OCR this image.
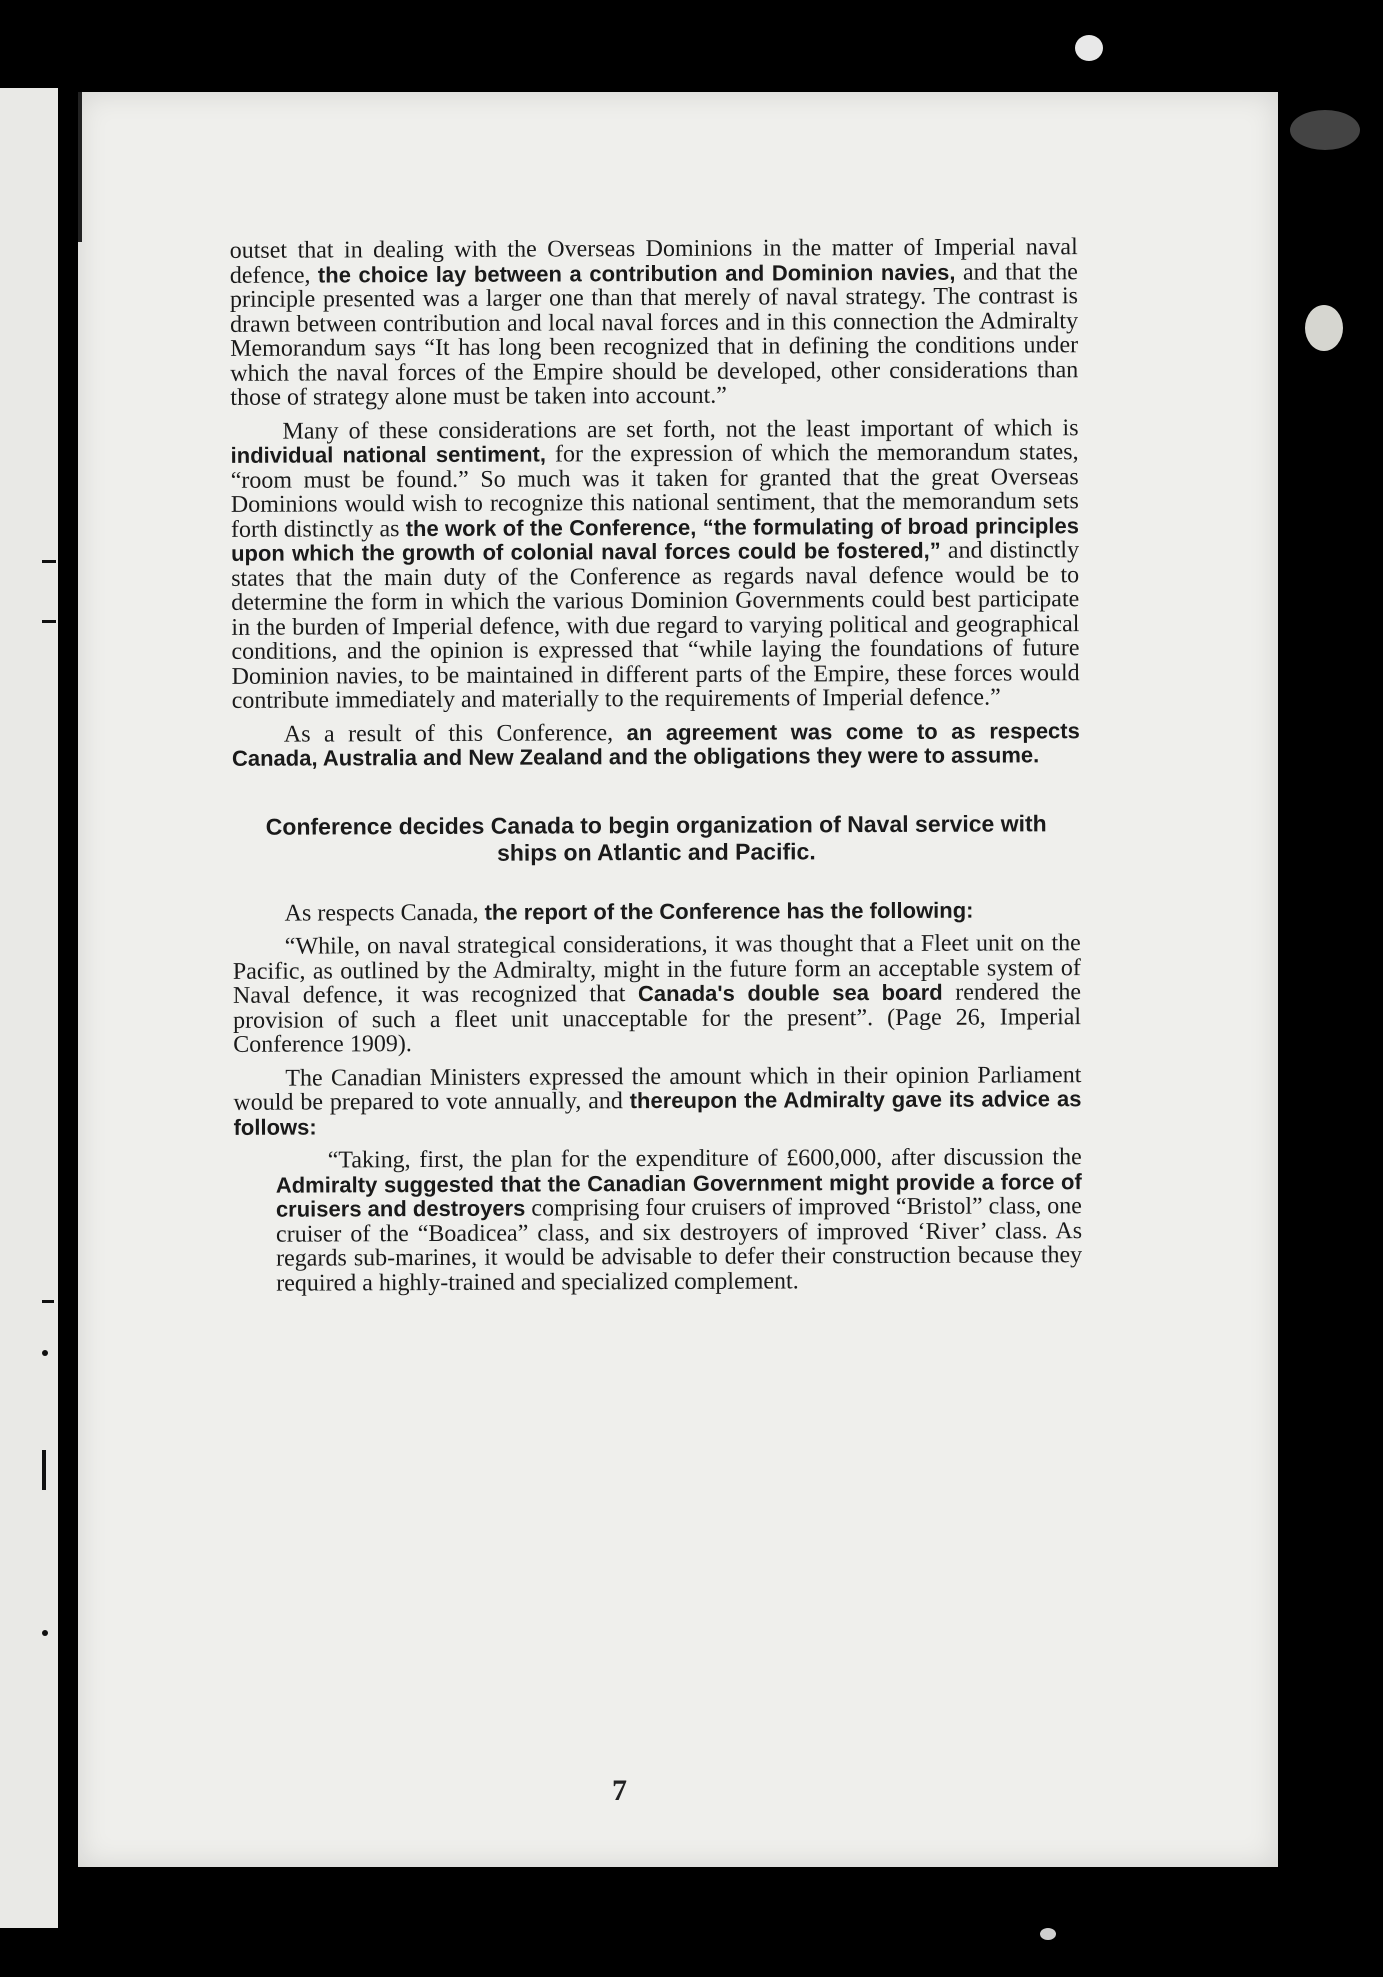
outset that in dealing with the Overseas Dominions in the matter of Imperial naval defence, the choice lay between a contribution and Dominion navies, and that the principle presented was a larger one than that merely of naval strategy. The contrast is drawn between contribution and local naval forces and in this connection the Admiralty Memorandum says “It has long been recognized that in defining the conditions under which the naval forces of the Empire should be developed, other considerations than those of strategy alone must be taken into account.”

Many of these considerations are set forth, not the least important of which is individual national sentiment, for the expression of which the memorandum states, “room must be found.” So much was it taken for granted that the great Overseas Dominions would wish to recognize this national sentiment, that the memorandum sets forth distinctly as the work of the Conference, “the formulating of broad principles upon which the growth of colonial naval forces could be fostered,” and distinctly states that the main duty of the Conference as regards naval defence would be to determine the form in which the various Dominion Governments could best participate in the burden of Imperial defence, with due regard to varying political and geographical conditions, and the opinion is expressed that “while laying the foundations of future Dominion navies, to be maintained in different parts of the Empire, these forces would contribute immediately and materially to the requirements of Imperial defence.”

As a result of this Conference, an agreement was come to as respects Canada, Australia and New Zealand and the obligations they were to assume.

Conference decides Canada to begin organization of Naval service with ships on Atlantic and Pacific.

As respects Canada, the report of the Conference has the following:

“While, on naval strategical considerations, it was thought that a Fleet unit on the Pacific, as outlined by the Admiralty, might in the future form an acceptable system of Naval defence, it was recognized that Canada's double sea board rendered the provision of such a fleet unit unacceptable for the present”. (Page 26, Imperial Conference 1909).

The Canadian Ministers expressed the amount which in their opinion Parliament would be prepared to vote annually, and thereupon the Admiralty gave its advice as follows:

“Taking, first, the plan for the expenditure of £600,000, after discussion the Admiralty suggested that the Canadian Government might provide a force of cruisers and destroyers comprising four cruisers of improved “Bristol” class, one cruiser of the “Boadicea” class, and six destroyers of improved ‘River’ class. As regards sub-marines, it would be advisable to defer their construction because they required a highly-trained and specialized complement.

7
